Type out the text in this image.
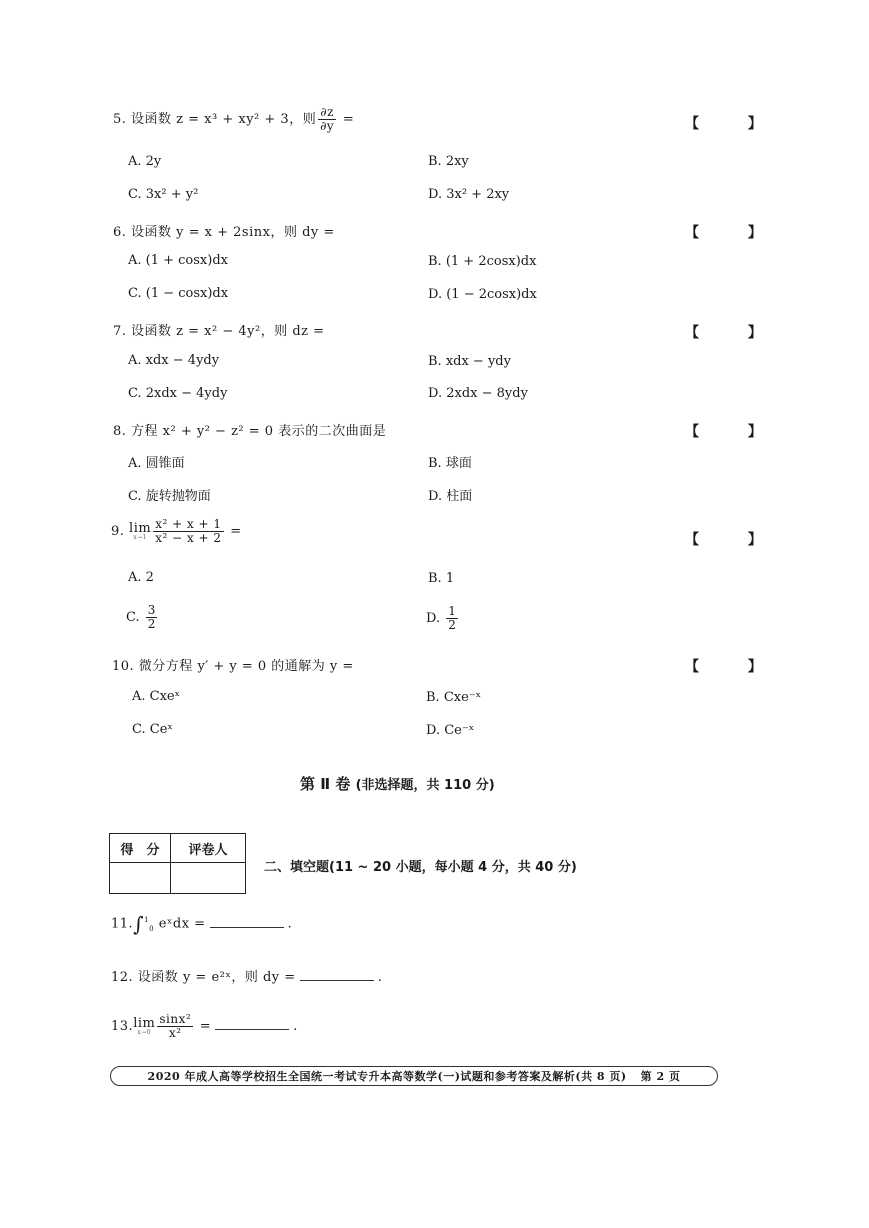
5. 设函数 z = x³ + xy² + 3，则 $\frac{\partial z}{\partial y}$ =	【 】
A. 2y	B. 2xy
C. 3x² + y²	D. 3x² + 2xy
6. 设函数 y = x + 2sinx，则 dy =	【 】
A. (1 + cosx)dx	B. (1 + 2cosx)dx
C. (1 − cosx)dx	D. (1 − 2cosx)dx
7. 设函数 z = x² − 4y²，则 dz =	【 】
A. xdx − 4ydy	B. xdx − ydy
C. 2xdx − 4ydy	D. 2xdx − 8ydy
8. 方程 x² + y² − z² = 0 表示的二次曲面是	【 】
A. 圆锥面	B. 球面
C. 旋转抛物面	D. 柱面
9. lim
$x\to 1 \frac{\text{x² + x + 1}}{\text{x² − x + 2}}$ =
【 】
A. 2	B. 1
C. $\frac{3}{2}$	D. $\frac{1}{2}$
10. 微分方程 y′ + y = 0 的通解为 y =	【 】
A. Cxeˣ	B. Cxe⁻ˣ
C. Ceˣ	D. Ce⁻ˣ
第 Ⅱ 卷 (非选择题，共 110 分)
得　分	评卷人

二、填空题(11 ~ 20 小题，每小题 4 分，共 40 分)
11.∫$^1_0$ eˣdx =	.
12. 设函数 y = e²ˣ，则 dy =	.
13. lim
$x\to 0 \frac{\text{sinx²}}{\text{x²}}$ =	.
2020 年成人高等学校招生全国统一考试专升本高等数学(一)试题和参考答案及解析(共 8 页) 第 2 页
